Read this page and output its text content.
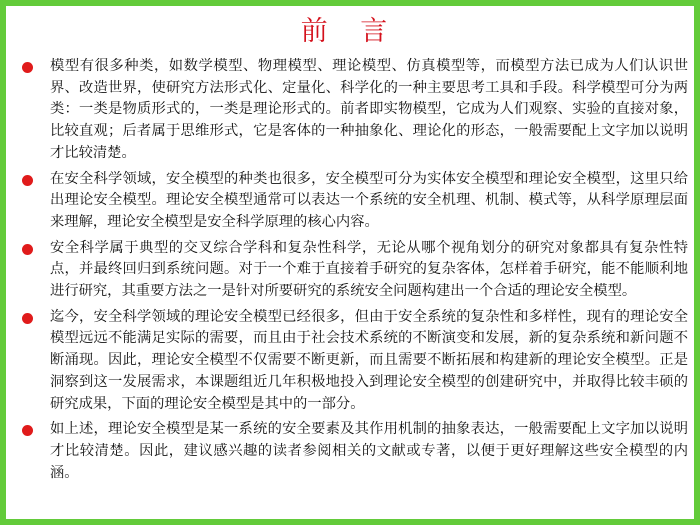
前 言
模型有很多种类，如数学模型、物理模型、理论模型、仿真模型等，而模型方法已成为人们认识世界、改造世界，使研究方法形式化、定量化、科学化的一种主要思考工具和手段。科学模型可分为两类：一类是物质形式的，一类是理论形式的。前者即实物模型，它成为人们观察、实验的直接对象，比较直观；后者属于思维形式，它是客体的一种抽象化、理论化的形态，一般需要配上文字加以说明才比较清楚。
在安全科学领域，安全模型的种类也很多，安全模型可分为实体安全模型和理论安全模型，这里只给出理论安全模型。理论安全模型通常可以表达一个系统的安全机理、机制、模式等，从科学原理层面来理解，理论安全模型是安全科学原理的核心内容。
安全科学属于典型的交叉综合学科和复杂性科学，无论从哪个视角划分的研究对象都具有复杂性特点，并最终回归到系统问题。对于一个难于直接着手研究的复杂客体，怎样着手研究，能不能顺利地进行研究，其重要方法之一是针对所要研究的系统安全问题构建出一个合适的理论安全模型。
迄今，安全科学领域的理论安全模型已经很多，但由于安全系统的复杂性和多样性，现有的理论安全模型远远不能满足实际的需要，而且由于社会技术系统的不断演变和发展，新的复杂系统和新问题不断涌现。因此，理论安全模型不仅需要不断更新，而且需要不断拓展和构建新的理论安全模型。正是洞察到这一发展需求，本课题组近几年积极地投入到理论安全模型的创建研究中，并取得比较丰硕的研究成果，下面的理论安全模型是其中的一部分。
如上述，理论安全模型是某一系统的安全要素及其作用机制的抽象表达，一般需要配上文字加以说明才比较清楚。因此，建议感兴趣的读者参阅相关的文献或专著，以便于更好理解这些安全模型的内涵。
